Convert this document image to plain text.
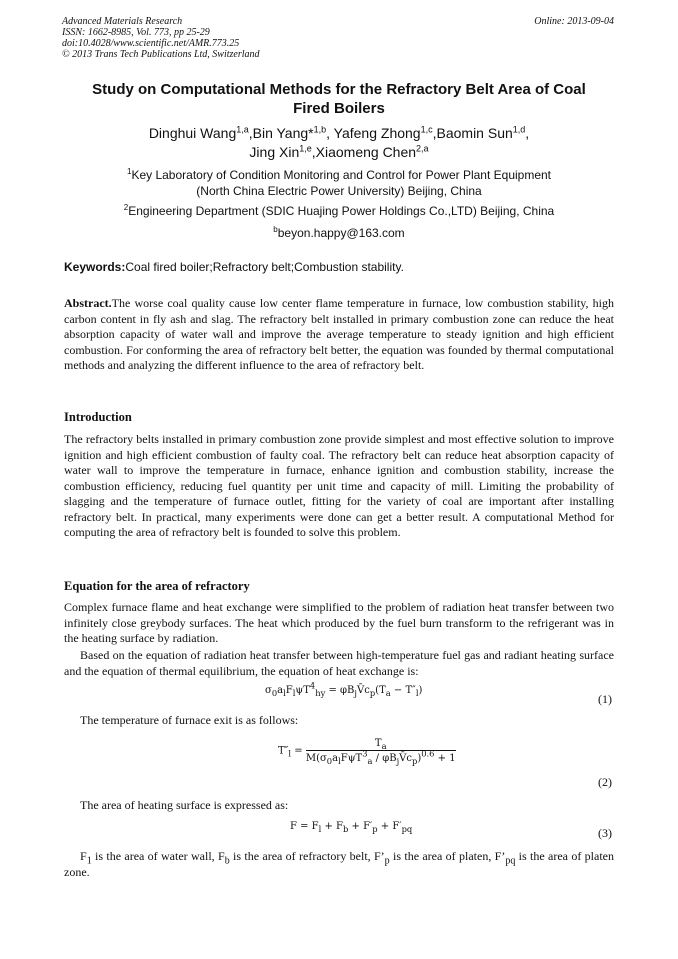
Advanced Materials Research
ISSN: 1662-8985, Vol. 773, pp 25-29
doi:10.4028/www.scientific.net/AMR.773.25
© 2013 Trans Tech Publications Ltd, Switzerland
Online: 2013-09-04
Study on Computational Methods for the Refractory Belt Area of Coal
Fired Boilers
Dinghui Wang$^{1,a}$,Bin Yang*$^{1,b}$, Yafeng Zhong$^{1,c}$,Baomin Sun$^{1,d}$,
Jing Xin$^{1,e}$,Xiaomeng Chen$^{2,a}$
$^1$Key Laboratory of Condition Monitoring and Control for Power Plant Equipment
(North China Electric Power University) Beijing, China
$^2$Engineering Department (SDIC Huajing Power Holdings Co.,LTD) Beijing, China
$^b$beyon.happy@163.com
Keywords:Coal fired boiler;Refractory belt;Combustion stability.
Abstract.The worse coal quality cause low center flame temperature in furnace, low combustion stability, high carbon content in fly ash and slag. The refractory belt installed in primary combustion zone can reduce the heat absorption capacity of water wall and improve the average temperature to steady ignition and high efficient combustion. For conforming the area of refractory belt better, the equation was founded by thermal computational methods and analyzing the different influence to the area of refractory belt.
Introduction
The refractory belts installed in primary combustion zone provide simplest and most effective solution to improve ignition and high efficient combustion of faulty coal. The refractory belt can reduce heat absorption capacity of water wall to improve the temperature in furnace, enhance ignition and combustion stability, increase the combustion efficiency, reducing fuel quantity per unit time and capacity of mill. Limiting the probability of slagging and the temperature of furnace outlet, fitting for the variety of coal are important after installing refractory belt. In practical, many experiments were done can get a better result. A computational Method for computing the area of refractory belt is founded to solve this problem.
Equation for the area of refractory
Complex furnace flame and heat exchange were simplified to the problem of radiation heat transfer between two infinitely close greybody surfaces. The heat which produced by the fuel burn transform to the refrigerant was in the heating surface by radiation.
Based on the equation of radiation heat transfer between high-temperature fuel gas and radiant heating surface and the equation of thermal equilibrium, the equation of heat exchange is:
$\sigma_0a_lF_l\psi T^4_{hy}$ = $\varphi B_jV̄c_p(T_a - T''_l)$
(1)
The temperature of furnace exit is as follows:
$T''_l = \frac{T_a}{M(\sigma_0a_lF\psi T^3_a / \varphi B_jV̄c_p)^{0.6} + 1}$
(2)
The area of heating surface is expressed as:
$F = F_l + F_b + F'_p + F'_{pq}$	(3)
$F_1$ is the area of water wall, $F_b$ is the area of refractory belt, $F’_p$ is the area of platen, $F’_{pq}$ is the area of platen zone.
